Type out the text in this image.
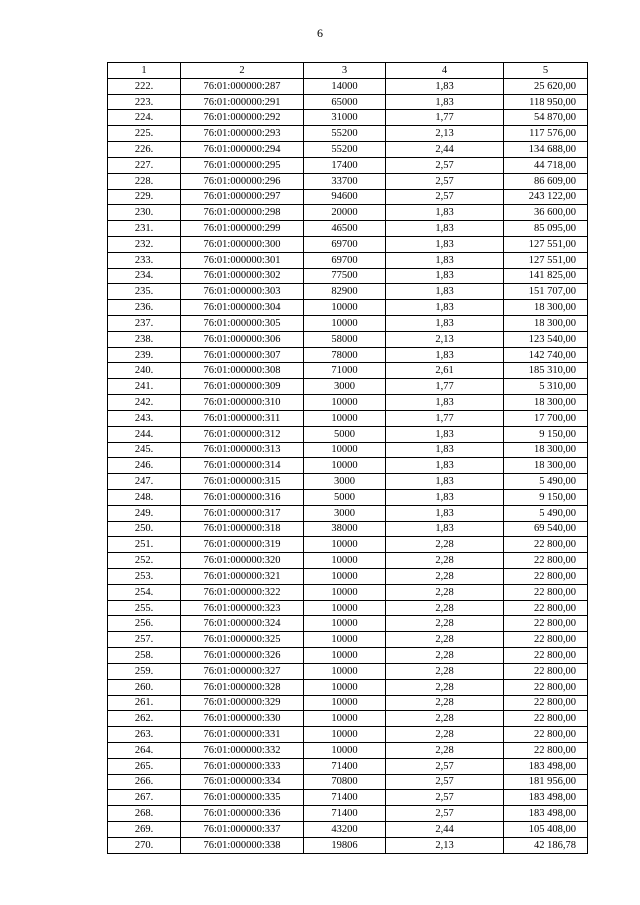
6
1	2	3	4	5
222.	76:01:000000:287	14000	1,83	25 620,00
223.	76:01:000000:291	65000	1,83	118 950,00
224.	76:01:000000:292	31000	1,77	54 870,00
225.	76:01:000000:293	55200	2,13	117 576,00
226.	76:01:000000:294	55200	2,44	134 688,00
227.	76:01:000000:295	17400	2,57	44 718,00
228.	76:01:000000:296	33700	2,57	86 609,00
229.	76:01:000000:297	94600	2,57	243 122,00
230.	76:01:000000:298	20000	1,83	36 600,00
231.	76:01:000000:299	46500	1,83	85 095,00
232.	76:01:000000:300	69700	1,83	127 551,00
233.	76:01:000000:301	69700	1,83	127 551,00
234.	76:01:000000:302	77500	1,83	141 825,00
235.	76:01:000000:303	82900	1,83	151 707,00
236.	76:01:000000:304	10000	1,83	18 300,00
237.	76:01:000000:305	10000	1,83	18 300,00
238.	76:01:000000:306	58000	2,13	123 540,00
239.	76:01:000000:307	78000	1,83	142 740,00
240.	76:01:000000:308	71000	2,61	185 310,00
241.	76:01:000000:309	3000	1,77	5 310,00
242.	76:01:000000:310	10000	1,83	18 300,00
243.	76:01:000000:311	10000	1,77	17 700,00
244.	76:01:000000:312	5000	1,83	9 150,00
245.	76:01:000000:313	10000	1,83	18 300,00
246.	76:01:000000:314	10000	1,83	18 300,00
247.	76:01:000000:315	3000	1,83	5 490,00
248.	76:01:000000:316	5000	1,83	9 150,00
249.	76:01:000000:317	3000	1,83	5 490,00
250.	76:01:000000:318	38000	1,83	69 540,00
251.	76:01:000000:319	10000	2,28	22 800,00
252.	76:01:000000:320	10000	2,28	22 800,00
253.	76:01:000000:321	10000	2,28	22 800,00
254.	76:01:000000:322	10000	2,28	22 800,00
255.	76:01:000000:323	10000	2,28	22 800,00
256.	76:01:000000:324	10000	2,28	22 800,00
257.	76:01:000000:325	10000	2,28	22 800,00
258.	76:01:000000:326	10000	2,28	22 800,00
259.	76:01:000000:327	10000	2,28	22 800,00
260.	76:01:000000:328	10000	2,28	22 800,00
261.	76:01:000000:329	10000	2,28	22 800,00
262.	76:01:000000:330	10000	2,28	22 800,00
263.	76:01:000000:331	10000	2,28	22 800,00
264.	76:01:000000:332	10000	2,28	22 800,00
265.	76:01:000000:333	71400	2,57	183 498,00
266.	76:01:000000:334	70800	2,57	181 956,00
267.	76:01:000000:335	71400	2,57	183 498,00
268.	76:01:000000:336	71400	2,57	183 498,00
269.	76:01:000000:337	43200	2,44	105 408,00
270.	76:01:000000:338	19806	2,13	42 186,78
